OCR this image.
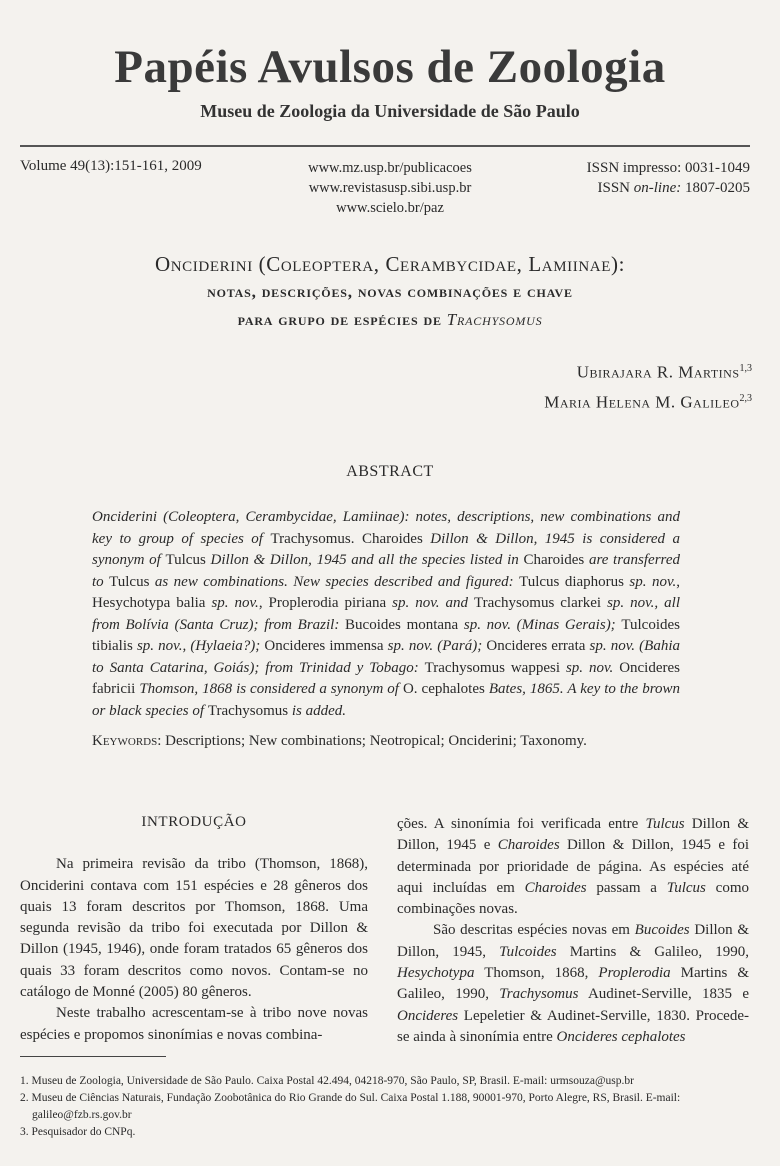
Papéis Avulsos de Zoologia
Museu de Zoologia da Universidade de São Paulo
Volume 49(13):151-161, 2009	www.mz.usp.br/publicacoes
www.revistasusp.sibi.usp.br
www.scielo.br/paz
ISSN impresso: 0031-1049
ISSN on-line: 1807-0205
Onciderini (Coleoptera, Cerambycidae, Lamiinae):
notas, descrições, novas combinações e chave
para grupo de espécies de Trachysomus
Ubirajara R. Martins$^{1,3}$
Maria Helena M. Galileo$^{2,3}$
ABSTRACT
Onciderini (Coleoptera, Cerambycidae, Lamiinae): notes, descriptions, new combinations and key to group of species of Trachysomus. Charoides Dillon & Dillon, 1945 is considered a synonym of Tulcus Dillon & Dillon, 1945 and all the species listed in Charoides are transferred to Tulcus as new combinations. New species described and figured: Tulcus diaphorus sp. nov., Hesychotypa balia sp. nov., Proplerodia piriana sp. nov. and Trachysomus clarkei sp. nov., all from Bolívia (Santa Cruz); from Brazil: Bucoides montana sp. nov. (Minas Gerais); Tulcoides tibialis sp. nov., (Hylaeia?); Oncideres immensa sp. nov. (Pará); Oncideres errata sp. nov. (Bahia to Santa Catarina, Goiás); from Trinidad y Tobago: Trachysomus wappesi sp. nov. Oncideres fabricii Thomson, 1868 is considered a synonym of O. cephalotes Bates, 1865. A key to the brown or black species of Trachysomus is added.
Keywords: Descriptions; New combinations; Neotropical; Onciderini; Taxonomy.
INTRODUÇÃO

Na primeira revisão da tribo (Thomson, 1868), Onciderini contava com 151 espécies e 28 gêneros dos quais 13 foram descritos por Thomson, 1868. Uma segunda revisão da tribo foi executada por Dillon & Dillon (1945, 1946), onde foram tratados 65 gêneros dos quais 33 foram descritos como novos. Contam-se no catálogo de Monné (2005) 80 gêneros.

Neste trabalho acrescentam-se à tribo nove novas espécies e propomos sinonímias e novas combina-

ções. A sinonímia foi verificada entre Tulcus Dillon & Dillon, 1945 e Charoides Dillon & Dillon, 1945 e foi determinada por prioridade de página. As espécies até aqui incluídas em Charoides passam a Tulcus como combinações novas.

São descritas espécies novas em Bucoides Dillon & Dillon, 1945, Tulcoides Martins & Galileo, 1990, Hesychotypa Thomson, 1868, Proplerodia Martins & Galileo, 1990, Trachysomus Audinet-Serville, 1835 e Oncideres Lepeletier & Audinet-Serville, 1830. Procede-se ainda à sinonímia entre Oncideres cephalotes

1. Museu de Zoologia, Universidade de São Paulo. Caixa Postal 42.494, 04218-970, São Paulo, SP, Brasil. E-mail: urmsouza@usp.br
2. Museu de Ciências Naturais, Fundação Zoobotânica do Rio Grande do Sul. Caixa Postal 1.188, 90001-970, Porto Alegre, RS, Brasil. E-mail: galileo@fzb.rs.gov.br
3. Pesquisador do CNPq.
